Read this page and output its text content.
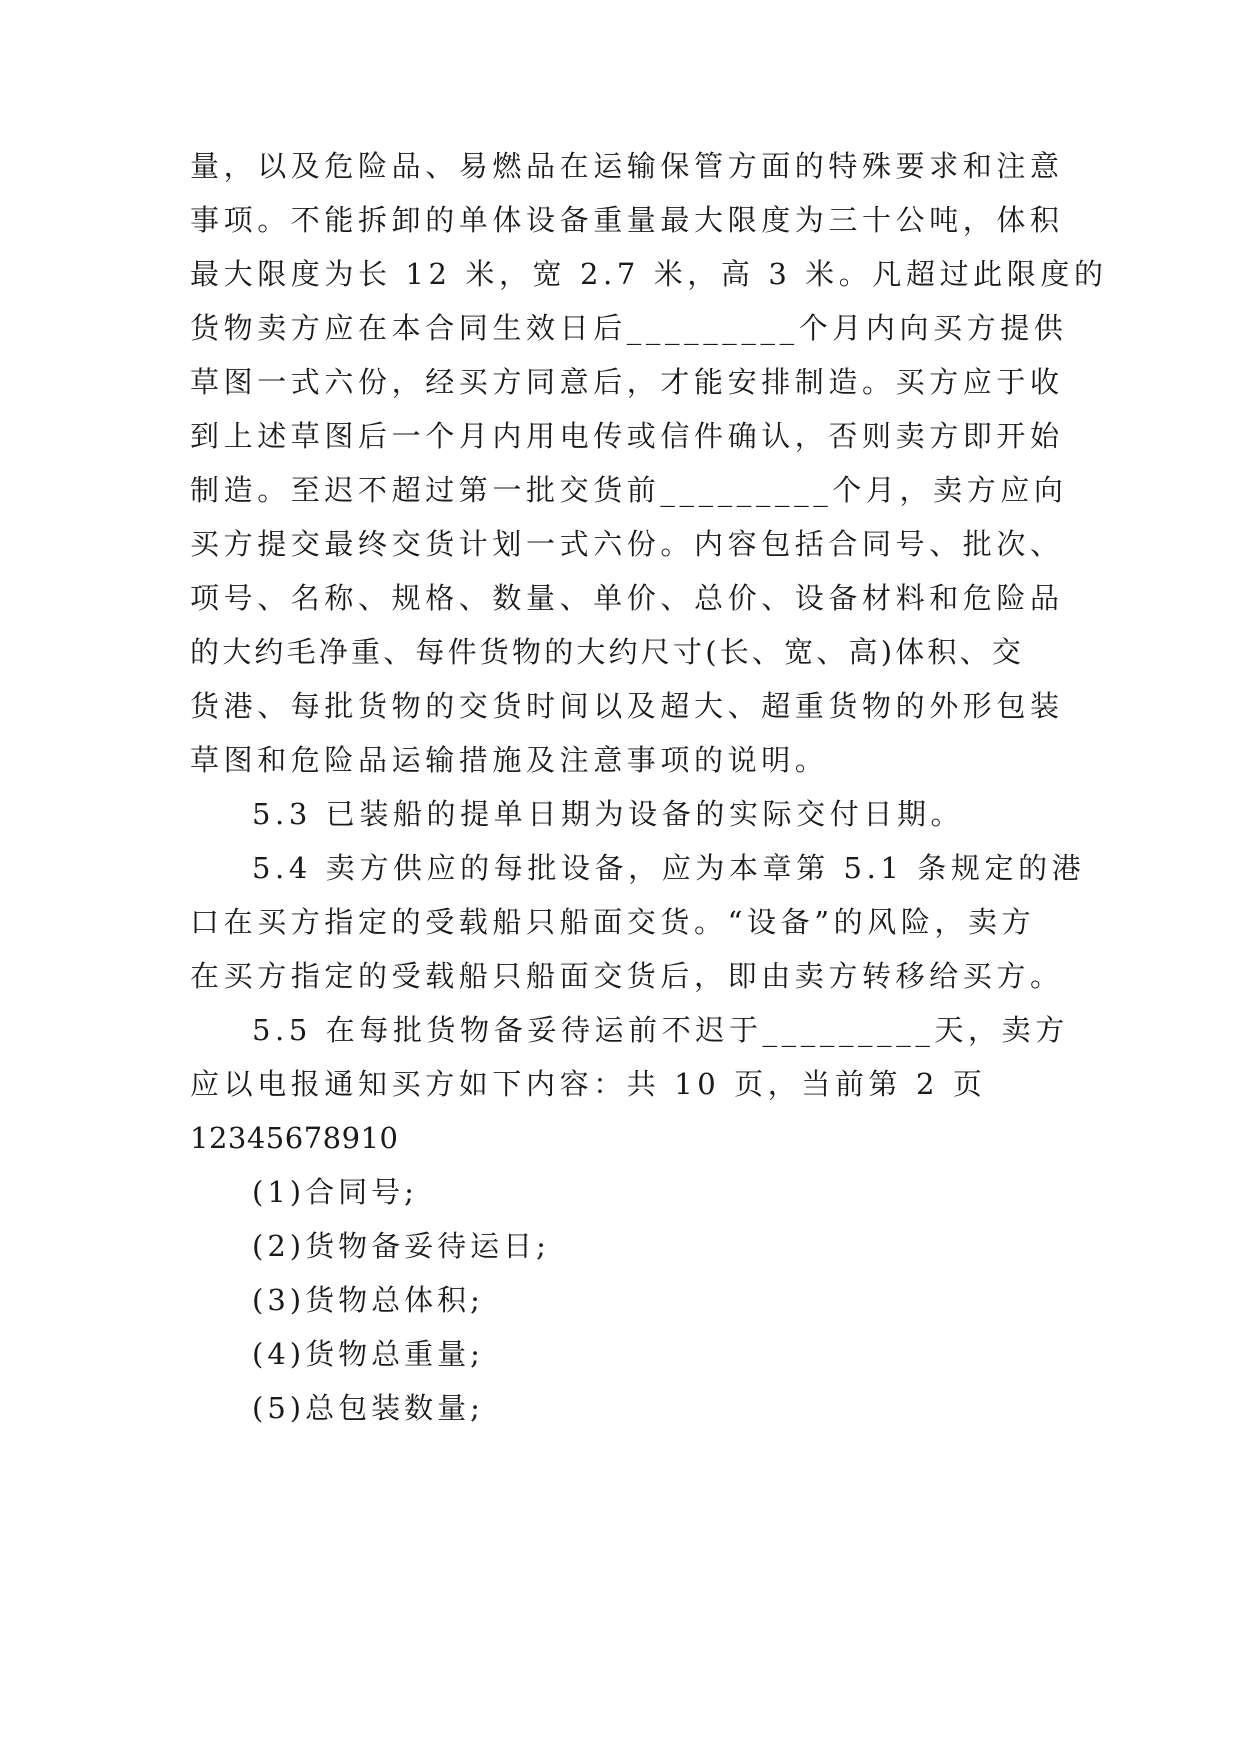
量，以及危险品、易燃品在运输保管方面的特殊要求和注意
事项。不能拆卸的单体设备重量最大限度为三十公吨，体积
最大限度为长 12 米，宽 2.7 米，高 3 米。凡超过此限度的
货物卖方应在本合同生效日后_________个月内向买方提供
草图一式六份，经买方同意后，才能安排制造。买方应于收
到上述草图后一个月内用电传或信件确认，否则卖方即开始
制造。至迟不超过第一批交货前_________个月，卖方应向
买方提交最终交货计划一式六份。内容包括合同号、批次、
项号、名称、规格、数量、单价、总价、设备材料和危险品
的大约毛净重、每件货物的大约尺寸(长、宽、高)体积、交
货港、每批货物的交货时间以及超大、超重货物的外形包装
草图和危险品运输措施及注意事项的说明。
5.3 已装船的提单日期为设备的实际交付日期。
5.4 卖方供应的每批设备，应为本章第 5.1 条规定的港
口在买方指定的受载船只船面交货。“设备”的风险，卖方
在买方指定的受载船只船面交货后，即由卖方转移给买方。
5.5 在每批货物备妥待运前不迟于_________天，卖方
应以电报通知买方如下内容：共 10 页，当前第 2 页
12345678910
(1)合同号;
(2)货物备妥待运日;
(3)货物总体积;
(4)货物总重量;
(5)总包装数量;
